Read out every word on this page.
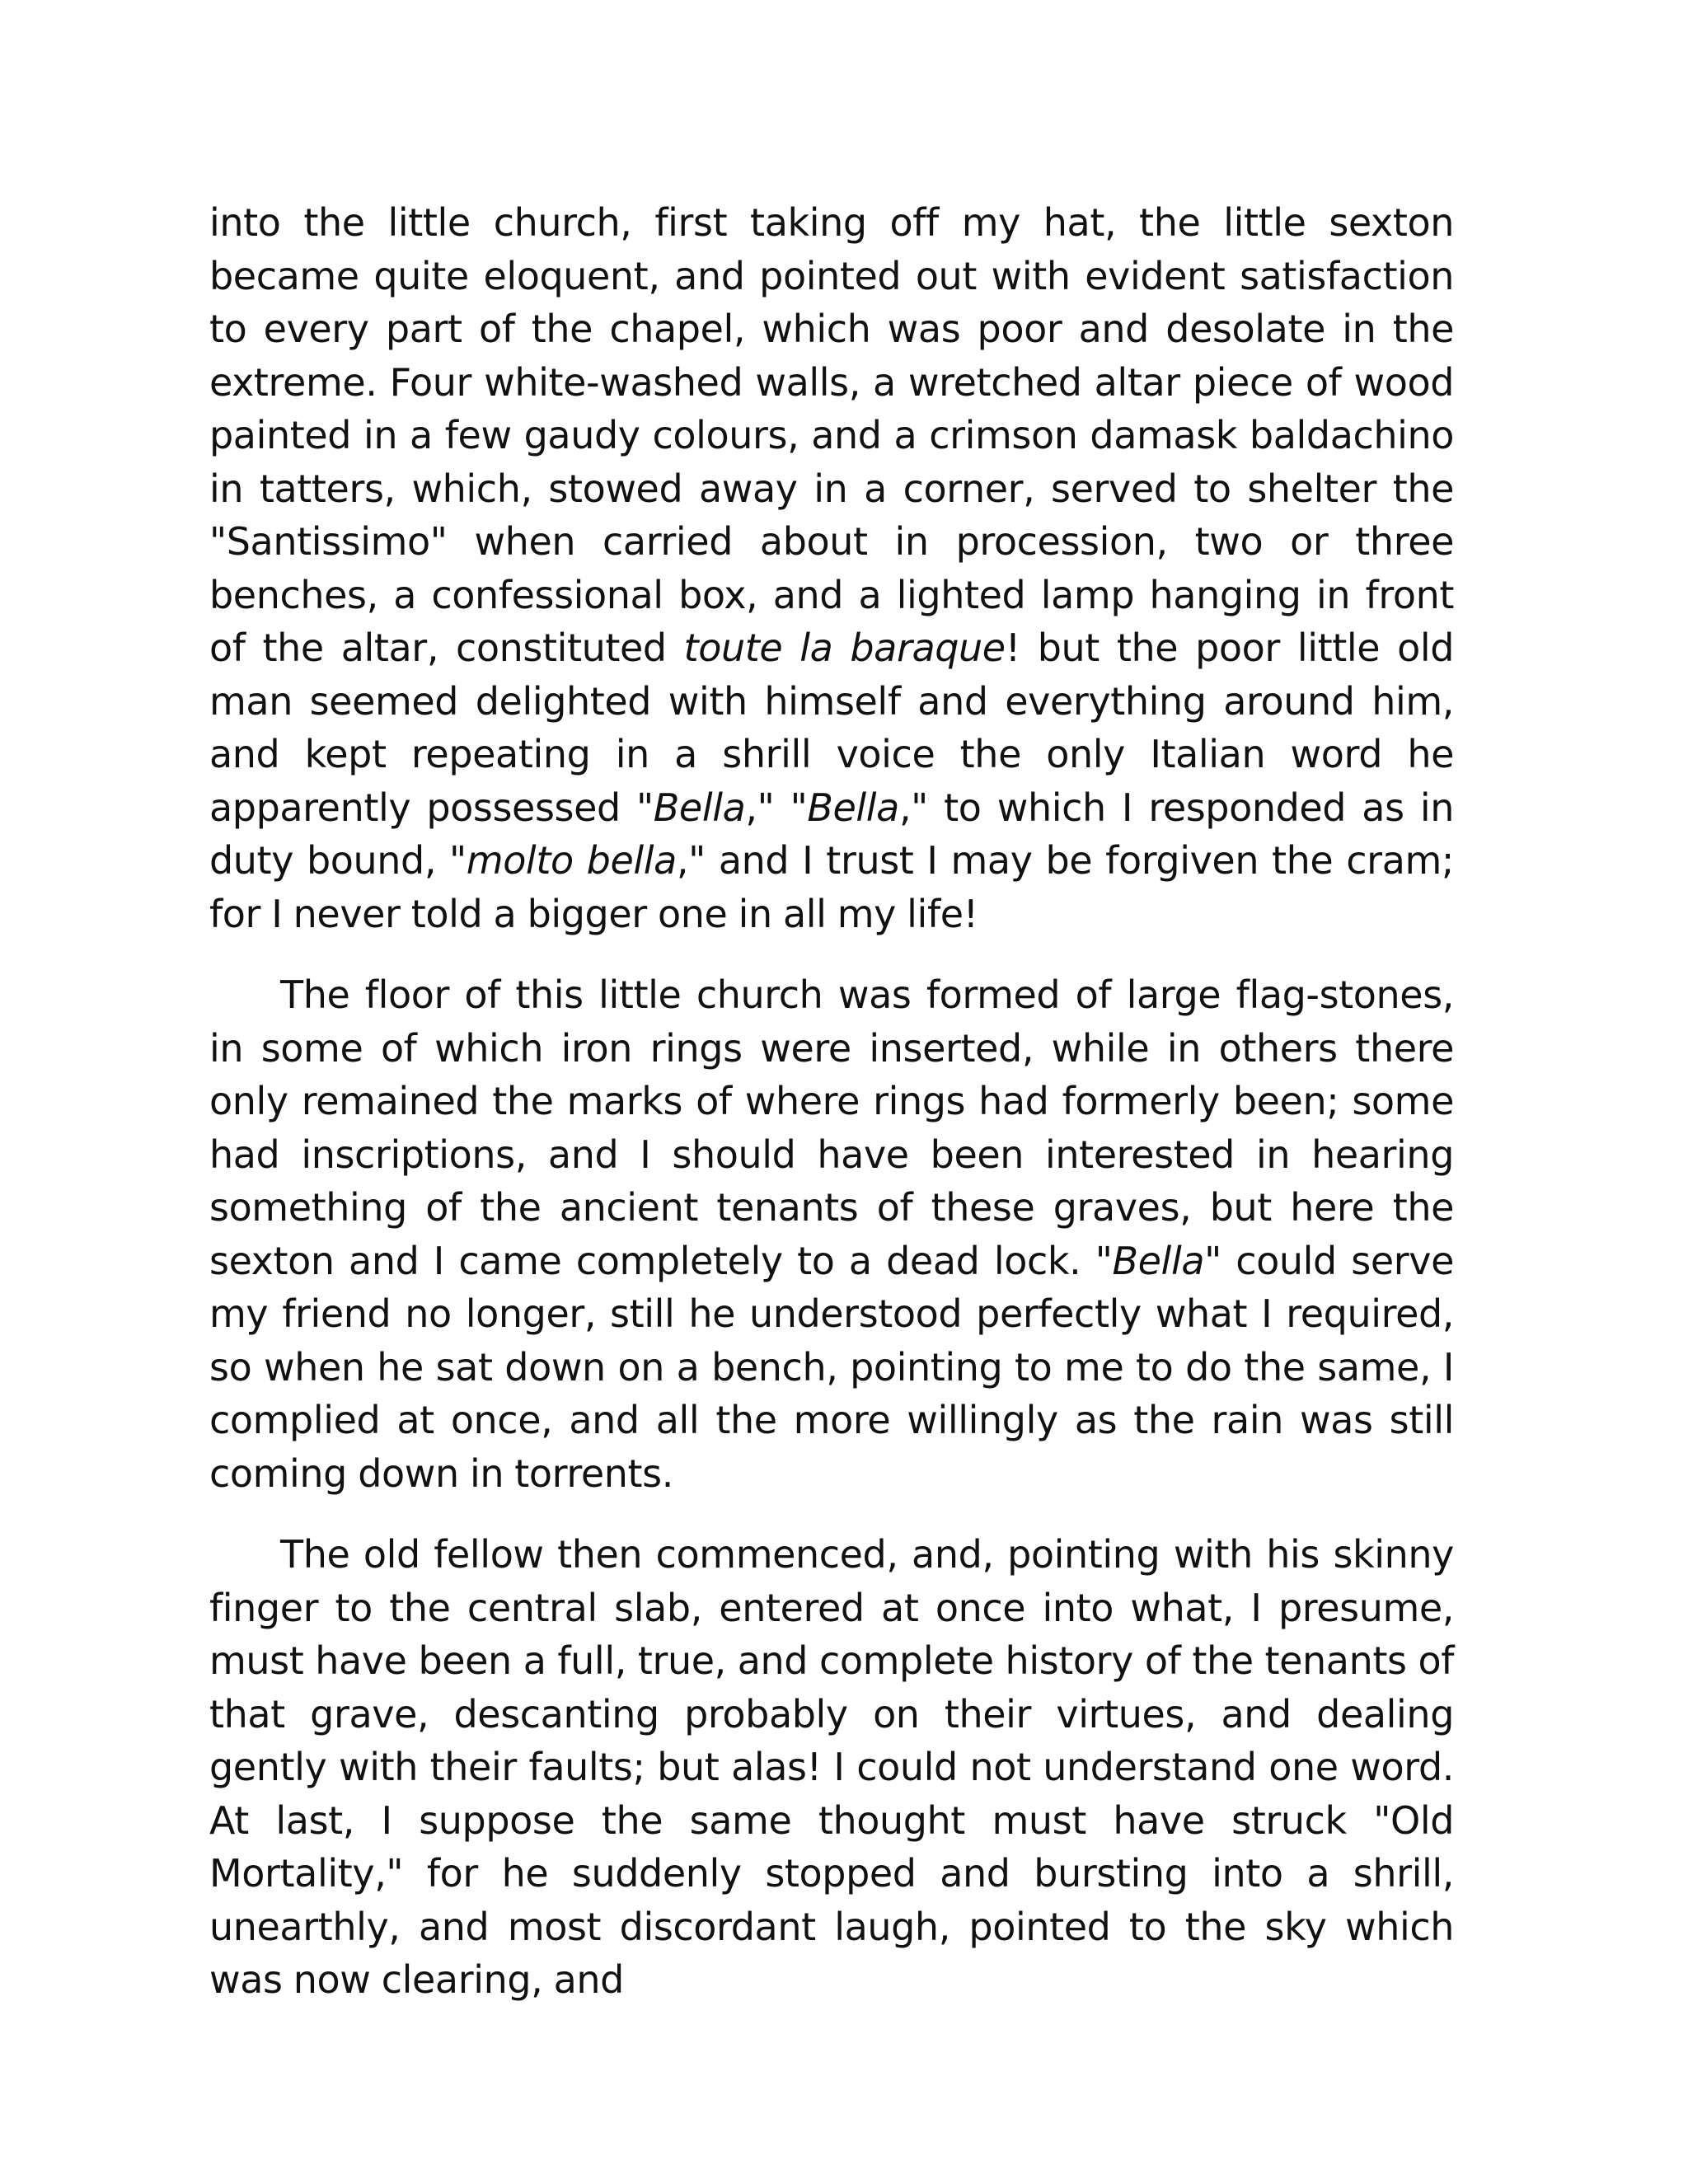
into the little church, first taking off my hat, the little sexton became quite eloquent, and pointed out with evident satisfaction to every part of the chapel, which was poor and desolate in the extreme. Four white-washed walls, a wretched altar piece of wood painted in a few gaudy colours, and a crimson damask baldachino in tatters, which, stowed away in a corner, served to shelter the "Santissimo" when carried about in procession, two or three benches, a confessional box, and a lighted lamp hanging in front of the altar, constituted toute la baraque! but the poor little old man seemed delighted with himself and everything around him, and kept repeating in a shrill voice the only Italian word he apparently possessed "Bella," "Bella," to which I responded as in duty bound, "molto bella," and I trust I may be forgiven the cram; for I never told a bigger one in all my life!

The floor of this little church was formed of large flag-stones, in some of which iron rings were inserted, while in others there only remained the marks of where rings had formerly been; some had inscriptions, and I should have been interested in hearing something of the ancient tenants of these graves, but here the sexton and I came completely to a dead lock. "Bella" could serve my friend no longer, still he understood perfectly what I required, so when he sat down on a bench, pointing to me to do the same, I complied at once, and all the more willingly as the rain was still coming down in torrents.

The old fellow then commenced, and, pointing with his skinny finger to the central slab, entered at once into what, I presume, must have been a full, true, and complete history of the tenants of that grave, descanting probably on their virtues, and dealing gently with their faults; but alas! I could not understand one word. At last, I suppose the same thought must have struck "Old Mortality," for he suddenly stopped and bursting into a shrill, unearthly, and most discordant laugh, pointed to the sky which was now clearing, and
